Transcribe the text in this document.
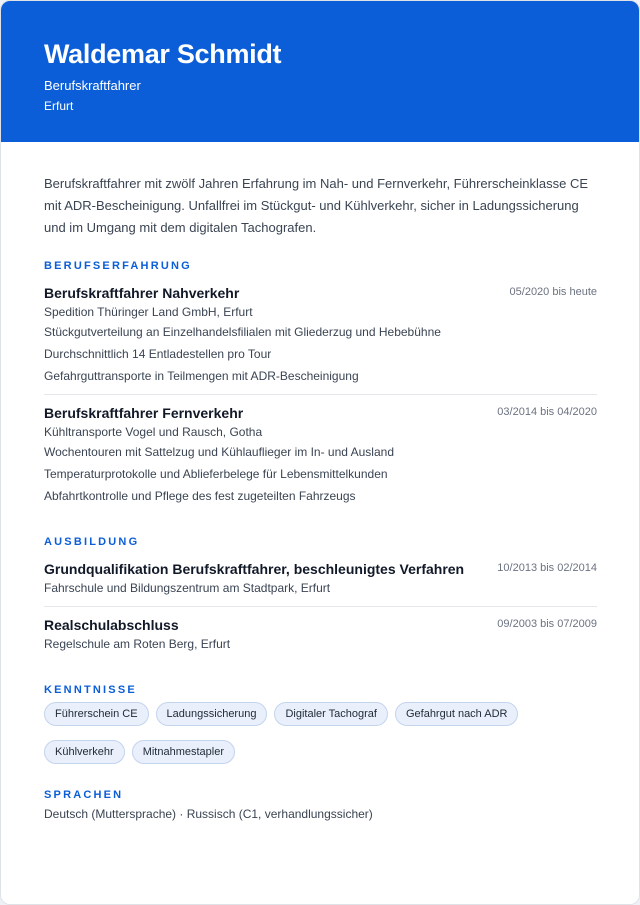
Waldemar Schmidt
Berufskraftfahrer
Erfurt
Berufskraftfahrer mit zwölf Jahren Erfahrung im Nah- und Fernverkehr, Führerscheinklasse CE mit ADR-Bescheinigung. Unfallfrei im Stückgut- und Kühlverkehr, sicher in Ladungssicherung und im Umgang mit dem digitalen Tachografen.
BERUFSERFAHRUNG
Berufskraftfahrer Nahverkehr	05/2020 bis heute
Spedition Thüringer Land GmbH, Erfurt
Stückgutverteilung an Einzelhandelsfilialen mit Gliederzug und Hebebühne
Durchschnittlich 14 Entladestellen pro Tour
Gefahrguttransporte in Teilmengen mit ADR-Bescheinigung
Berufskraftfahrer Fernverkehr	03/2014 bis 04/2020
Kühltransporte Vogel und Rausch, Gotha
Wochentouren mit Sattelzug und Kühlauflieger im In- und Ausland
Temperaturprotokolle und Ablieferbelege für Lebensmittelkunden
Abfahrtkontrolle und Pflege des fest zugeteilten Fahrzeugs
AUSBILDUNG
Grundqualifikation Berufskraftfahrer, beschleunigtes Verfahren	10/2013 bis 02/2014
Fahrschule und Bildungszentrum am Stadtpark, Erfurt
Realschulabschluss	09/2003 bis 07/2009
Regelschule am Roten Berg, Erfurt
KENNTNISSE
Führerschein CE	Ladungssicherung	Digitaler Tachograf	Gefahrgut nach ADR
Kühlverkehr	Mitnahmestapler
SPRACHEN
Deutsch (Muttersprache) · Russisch (C1, verhandlungssicher)
